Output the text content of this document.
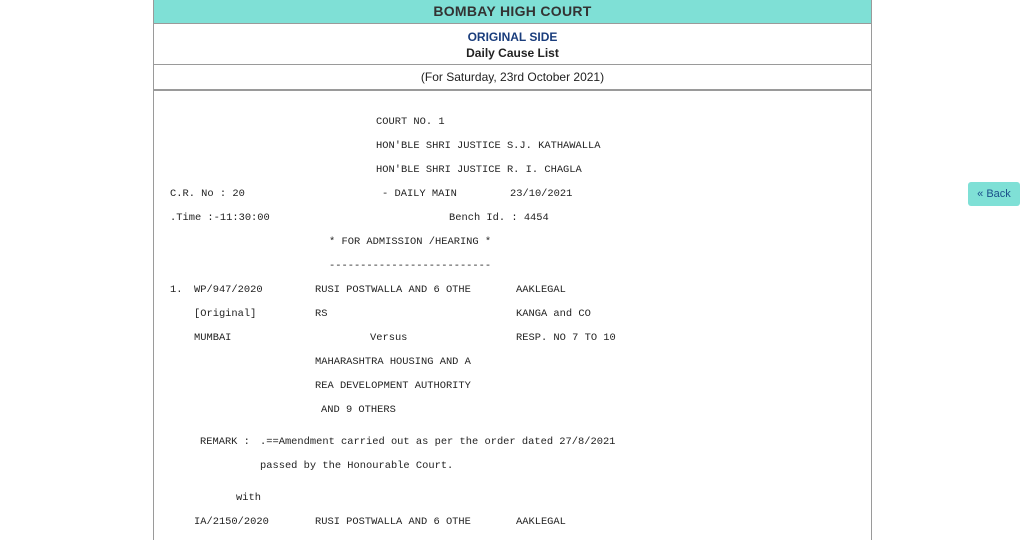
BOMBAY HIGH COURT
ORIGINAL SIDE
Daily Cause List
(For Saturday, 23rd October 2021)
COURT NO. 1
HON'BLE SHRI JUSTICE S.J. KATHAWALLA
HON'BLE SHRI JUSTICE R. I. CHAGLA
C.R. No : 20	- DAILY MAIN	23/10/2021
.Time :-11:30:00	Bench Id. : 4454
* FOR ADMISSION /HEARING *
--------------------------
1. WP/947/2020	RUSI POSTWALLA AND 6 OTHE	AAKLEGAL
[Original]	RS	KANGA and CO
MUMBAI	Versus	RESP. NO 7 TO 10
MAHARASHTRA HOUSING AND A
REA DEVELOPMENT AUTHORITY
AND 9 OTHERS
REMARK : .==Amendment carried out as per the order dated 27/8/2021
passed by the Honourable Court.
with
IA/2150/2020	RUSI POSTWALLA AND 6 OTHE	AAKLEGAL
« Back
